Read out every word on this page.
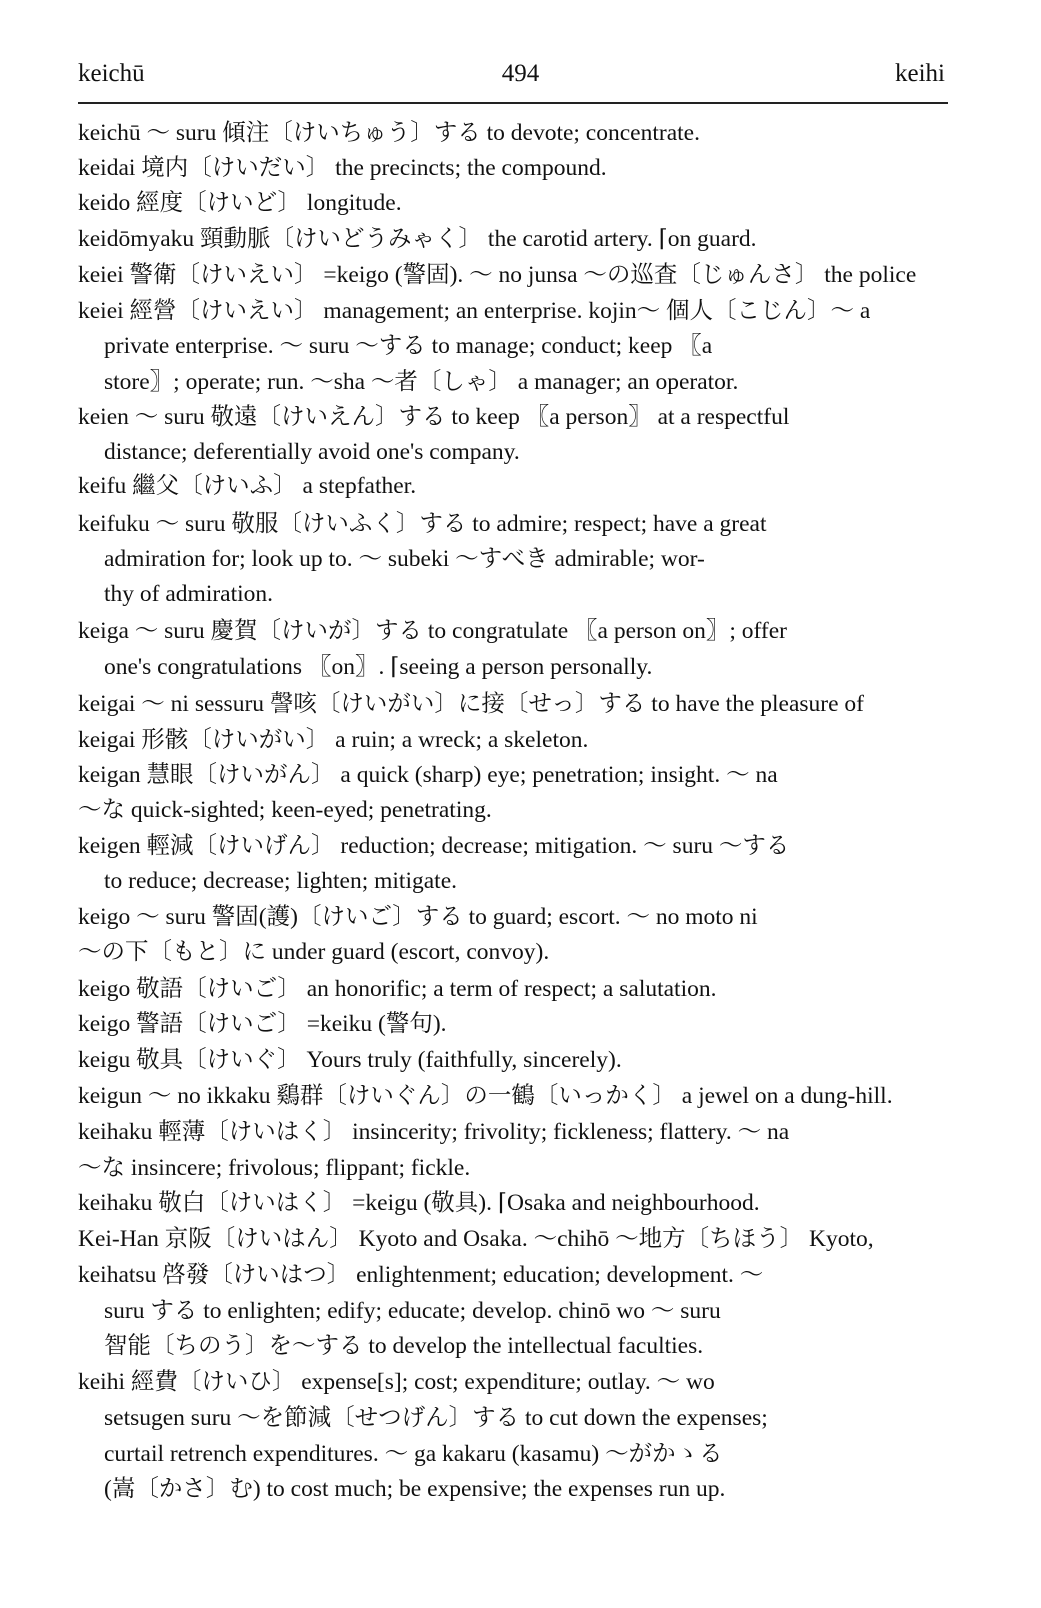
keichū	494	keihi
keichū ～ suru 傾注〔けいちゅう〕する to devote; concentrate.
keidai 境内〔けいだい〕 the precincts; the compound.
keido 經度〔けいど〕 longitude.
keidōmyaku 頸動脈〔けいどうみゃく〕 the carotid artery. ⌈on guard.
keiei 警衛〔けいえい〕 =keigo (警固). ～ no junsa ～の巡査〔じゅんさ〕 the police
keiei 經營〔けいえい〕 management; an enterprise. kojin～ 個人〔こじん〕～ a
private enterprise. ～ suru ～する to manage; conduct; keep 〖a
store〗; operate; run. ～sha ～者〔しゃ〕 a manager; an operator.
keien ～ suru 敬遠〔けいえん〕する to keep 〖a person〗 at a respectful
distance; deferentially avoid one's company.
keifu 繼父〔けいふ〕 a stepfather.
keifuku ～ suru 敬服〔けいふく〕する to admire; respect; have a great
admiration for; look up to. ～ subeki ～すべき admirable; wor-
thy of admiration.
keiga ～ suru 慶賀〔けいが〕する to congratulate 〖a person on〗; offer
one's congratulations 〖on〗. ⌈seeing a person personally.
keigai ～ ni sessuru 謦咳〔けいがい〕に接〔せっ〕する to have the pleasure of
keigai 形骸〔けいがい〕 a ruin; a wreck; a skeleton.
keigan 慧眼〔けいがん〕 a quick (sharp) eye; penetration; insight. ～ na
～な quick-sighted; keen-eyed; penetrating.
keigen 輕減〔けいげん〕 reduction; decrease; mitigation. ～ suru ～する
to reduce; decrease; lighten; mitigate.
keigo ～ suru 警固(護)〔けいご〕する to guard; escort. ～ no moto ni
～の下〔もと〕に under guard (escort, convoy).
keigo 敬語〔けいご〕 an honorific; a term of respect; a salutation.
keigo 警語〔けいご〕 =keiku (警句).
keigu 敬具〔けいぐ〕 Yours truly (faithfully, sincerely).
keigun ～ no ikkaku 鷄群〔けいぐん〕の一鶴〔いっかく〕 a jewel on a dung-hill.
keihaku 輕薄〔けいはく〕 insincerity; frivolity; fickleness; flattery. ～ na
～な insincere; frivolous; flippant; fickle.
keihaku 敬白〔けいはく〕 =keigu (敬具). ⌈Osaka and neighbourhood.
Kei-Han 京阪〔けいはん〕 Kyoto and Osaka. ～chihō ～地方〔ちほう〕 Kyoto,
keihatsu 啓發〔けいはつ〕 enlightenment; education; development. ～
suru する to enlighten; edify; educate; develop. chinō wo ～ suru
智能〔ちのう〕を～する to develop the intellectual faculties.
keihi 經費〔けいひ〕 expense[s]; cost; expenditure; outlay. ～ wo
setsugen suru ～を節減〔せつげん〕する to cut down the expenses;
curtail retrench expenditures. ～ ga kakaru (kasamu) ～がかゝる
(嵩〔かさ〕む) to cost much; be expensive; the expenses run up.
